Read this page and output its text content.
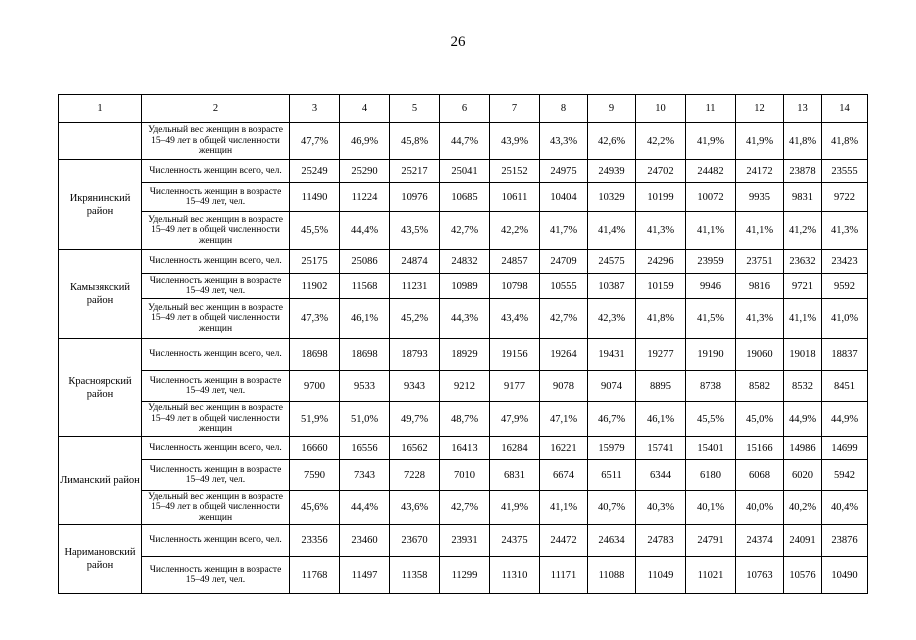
26
1	2	3	4	5	6	7	8	9	10	11	12	13	14
	Удельный вес женщин в возрасте 15–49 лет в общей численности женщин	47,7%	46,9%	45,8%	44,7%	43,9%	43,3%	42,6%	42,2%	41,9%	41,9%	41,8%	41,8%
Икрянинский район	Численность женщин всего, чел.	25249	25290	25217	25041	25152	24975	24939	24702	24482	24172	23878	23555
	Численность женщин в возрасте 15–49 лет, чел.	11490	11224	10976	10685	10611	10404	10329	10199	10072	9935	9831	9722
	Удельный вес женщин в возрасте 15–49 лет в общей численности женщин	45,5%	44,4%	43,5%	42,7%	42,2%	41,7%	41,4%	41,3%	41,1%	41,1%	41,2%	41,3%
Камызякский район	Численность женщин всего, чел.	25175	25086	24874	24832	24857	24709	24575	24296	23959	23751	23632	23423
	Численность женщин в возрасте 15–49 лет, чел.	11902	11568	11231	10989	10798	10555	10387	10159	9946	9816	9721	9592
	Удельный вес женщин в возрасте 15–49 лет в общей численности женщин	47,3%	46,1%	45,2%	44,3%	43,4%	42,7%	42,3%	41,8%	41,5%	41,3%	41,1%	41,0%
Красноярский район	Численность женщин всего, чел.	18698	18698	18793	18929	19156	19264	19431	19277	19190	19060	19018	18837
	Численность женщин в возрасте 15–49 лет, чел.	9700	9533	9343	9212	9177	9078	9074	8895	8738	8582	8532	8451
	Удельный вес женщин в возрасте 15–49 лет в общей численности женщин	51,9%	51,0%	49,7%	48,7%	47,9%	47,1%	46,7%	46,1%	45,5%	45,0%	44,9%	44,9%
Лиманский район	Численность женщин всего, чел.	16660	16556	16562	16413	16284	16221	15979	15741	15401	15166	14986	14699
	Численность женщин в возрасте 15–49 лет, чел.	7590	7343	7228	7010	6831	6674	6511	6344	6180	6068	6020	5942
	Удельный вес женщин в возрасте 15–49 лет в общей численности женщин	45,6%	44,4%	43,6%	42,7%	41,9%	41,1%	40,7%	40,3%	40,1%	40,0%	40,2%	40,4%
Наримановский район	Численность женщин всего, чел.	23356	23460	23670	23931	24375	24472	24634	24783	24791	24374	24091	23876
	Численность женщин в возрасте 15–49 лет, чел.	11768	11497	11358	11299	11310	11171	11088	11049	11021	10763	10576	10490
